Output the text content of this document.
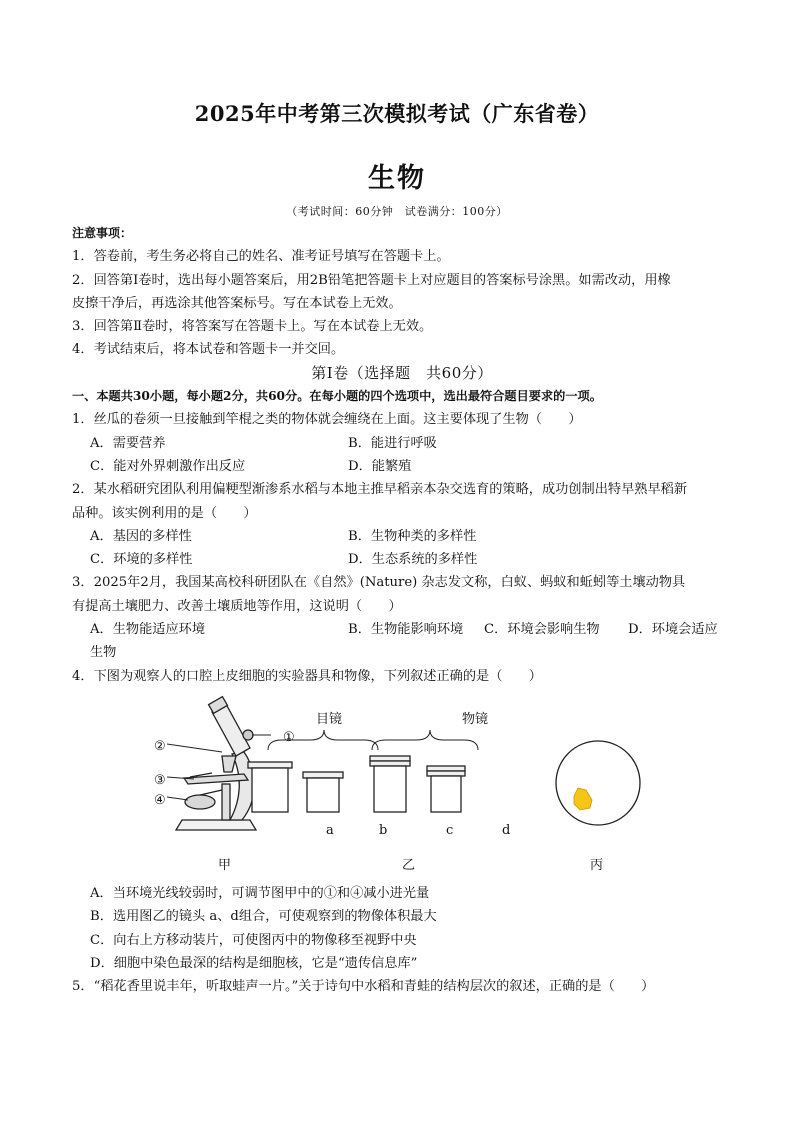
2025年中考第三次模拟考试（广东省卷）
生物
（考试时间：60分钟　试卷满分：100分）
注意事项：
1．答卷前，考生务必将自己的姓名、准考证号填写在答题卡上。
2．回答第Ⅰ卷时，选出每小题答案后，用2B铅笔把答题卡上对应题目的答案标号涂黑。如需改动，用橡
皮擦干净后，再选涂其他答案标号。写在本试卷上无效。
3．回答第Ⅱ卷时，将答案写在答题卡上。写在本试卷上无效。
4．考试结束后，将本试卷和答题卡一并交回。
第Ⅰ卷（选择题　共60分）
一、本题共30小题，每小题2分，共60分。在每小题的四个选项中，选出最符合题目要求的一项。
1．丝瓜的卷须一旦接触到竿棍之类的物体就会缠绕在上面。这主要体现了生物（　　）
A．需要营养	B．能进行呼吸
C．能对外界刺激作出反应	D．能繁殖
2．某水稻研究团队利用偏粳型渐渗系水稻与本地主推早稻亲本杂交选育的策略，成功创制出特早熟早稻新
品种。该实例利用的是（　　）
A．基因的多样性	B．生物种类的多样性
C．环境的多样性	D．生态系统的多样性
3．2025年2月，我国某高校科研团队在《自然》(Nature) 杂志发文称，白蚁、蚂蚁和蚯蚓等土壤动物具
有提高土壤肥力、改善土壤质地等作用，这说明（　　）
A．生物能适应环境	B．生物能影响环境 C．环境会影响生物 D．环境会适应
生物
4．下图为观察人的口腔上皮细胞的实验器具和物像，下列叙述正确的是（　　）
①
②
③
④
目镜	物镜
a	b	c	d
甲	乙	丙
A．当环境光线较弱时，可调节图甲中的①和④减小进光量
B．选用图乙的镜头 a、d组合，可使观察到的物像体积最大
C．向右上方移动装片，可使图丙中的物像移至视野中央
D．细胞中染色最深的结构是细胞核，它是“遗传信息库”
5．“稻花香里说丰年，听取蛙声一片。”关于诗句中水稻和青蛙的结构层次的叙述，正确的是（　　）
